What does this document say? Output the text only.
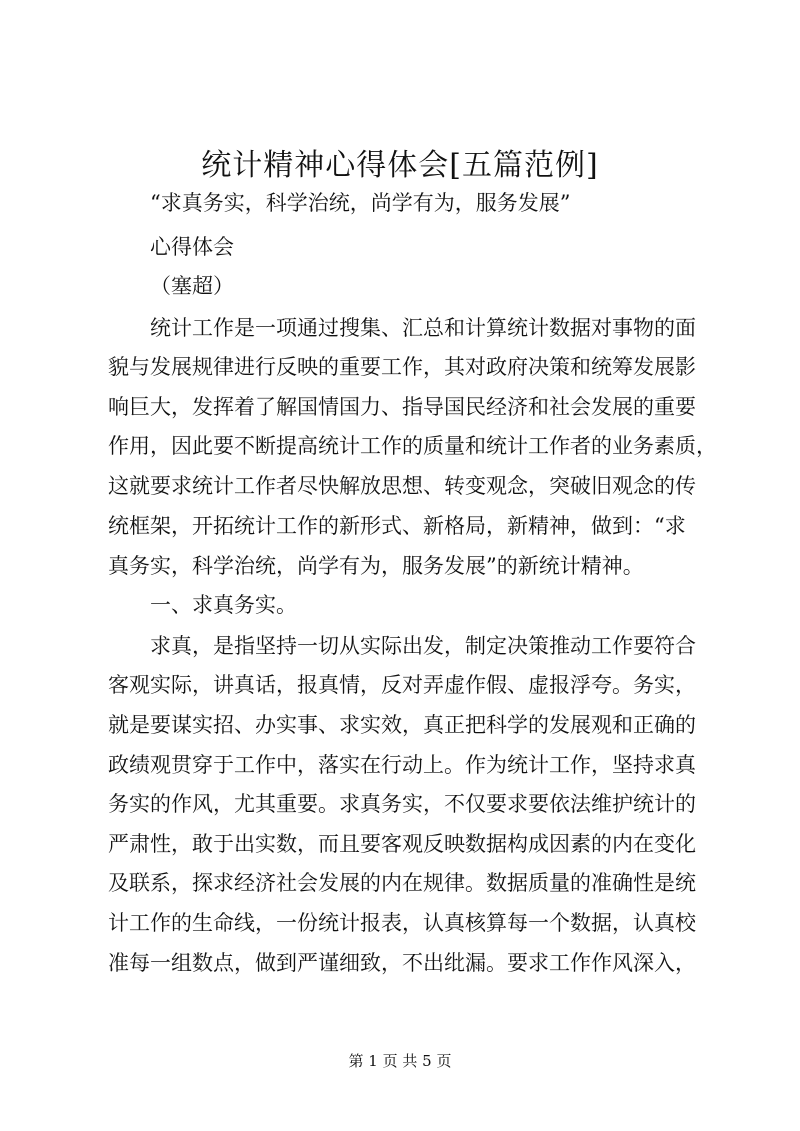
统计精神心得体会[五篇范例]

“求真务实，科学治统，尚学有为，服务发展”

心得体会

（塞超）

统计工作是一项通过搜集、汇总和计算统计数据对事物的面

貌与发展规律进行反映的重要工作，其对政府决策和统筹发展影

响巨大，发挥着了解国情国力、指导国民经济和社会发展的重要

作用，因此要不断提高统计工作的质量和统计工作者的业务素质，

这就要求统计工作者尽快解放思想、转变观念，突破旧观念的传

统框架，开拓统计工作的新形式、新格局，新精神，做到：“求

真务实，科学治统，尚学有为，服务发展”的新统计精神。

一、求真务实。

求真，是指坚持一切从实际出发，制定决策推动工作要符合

客观实际，讲真话，报真情，反对弄虚作假、虚报浮夸。务实，

就是要谋实招、办实事、求实效，真正把科学的发展观和正确的

政绩观贯穿于工作中，落实在行动上。作为统计工作，坚持求真

务实的作风，尤其重要。求真务实，不仅要求要依法维护统计的

严肃性，敢于出实数，而且要客观反映数据构成因素的内在变化

及联系，探求经济社会发展的内在规律。数据质量的准确性是统

计工作的生命线，一份统计报表，认真核算每一个数据，认真校

准每一组数点，做到严谨细致，不出纰漏。要求工作作风深入，

第 1 页 共 5 页
